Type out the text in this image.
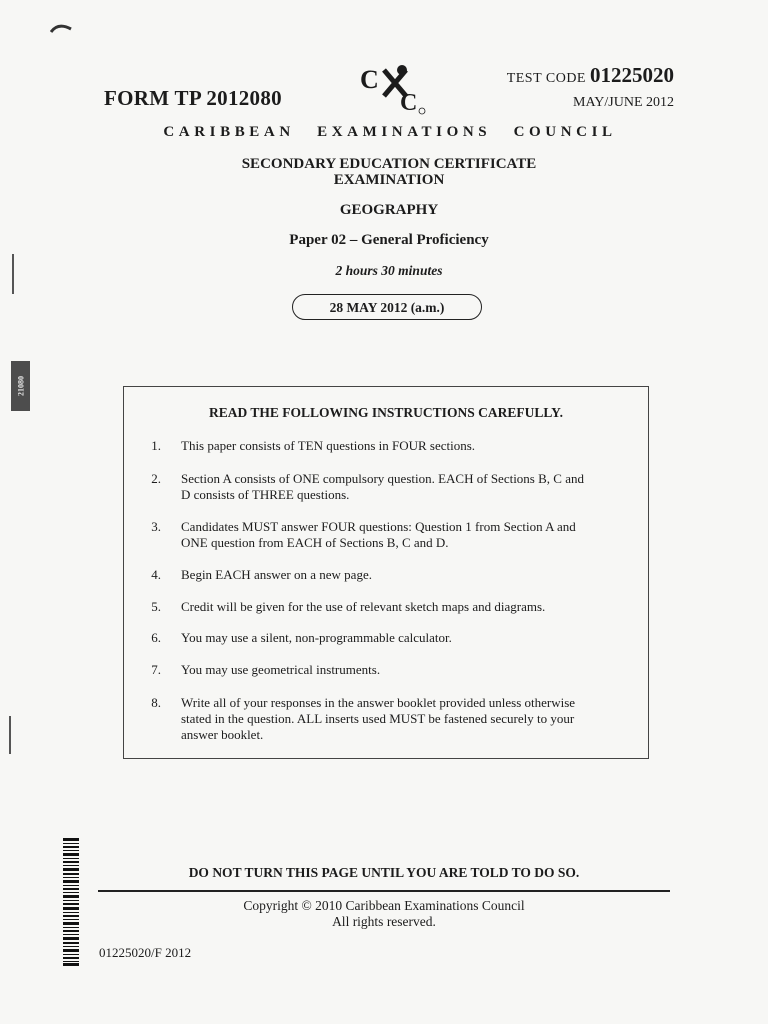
FORM TP 2012080
C
C
TEST CODE 01225020
MAY/JUNE 2012
CARIBBEAN EXAMINATIONS COUNCIL
SECONDARY EDUCATION CERTIFICATE
EXAMINATION
GEOGRAPHY
Paper 02 – General Proficiency
2 hours 30 minutes
28 MAY 2012 (a.m.)
21080
READ THE FOLLOWING INSTRUCTIONS CAREFULLY.
1. This paper consists of TEN questions in FOUR sections.
2. Section A consists of ONE compulsory question. EACH of Sections B, C and
D consists of THREE questions.
3. Candidates MUST answer FOUR questions: Question 1 from Section A and
ONE question from EACH of Sections B, C and D.
4. Begin EACH answer on a new page.
5. Credit will be given for the use of relevant sketch maps and diagrams.
6. You may use a silent, non-programmable calculator.
7. You may use geometrical instruments.
8. Write all of your responses in the answer booklet provided unless otherwise
stated in the question. ALL inserts used MUST be fastened securely to your
answer booklet.
DO NOT TURN THIS PAGE UNTIL YOU ARE TOLD TO DO SO.
Copyright © 2010 Caribbean Examinations Council
All rights reserved.
01225020/F 2012
